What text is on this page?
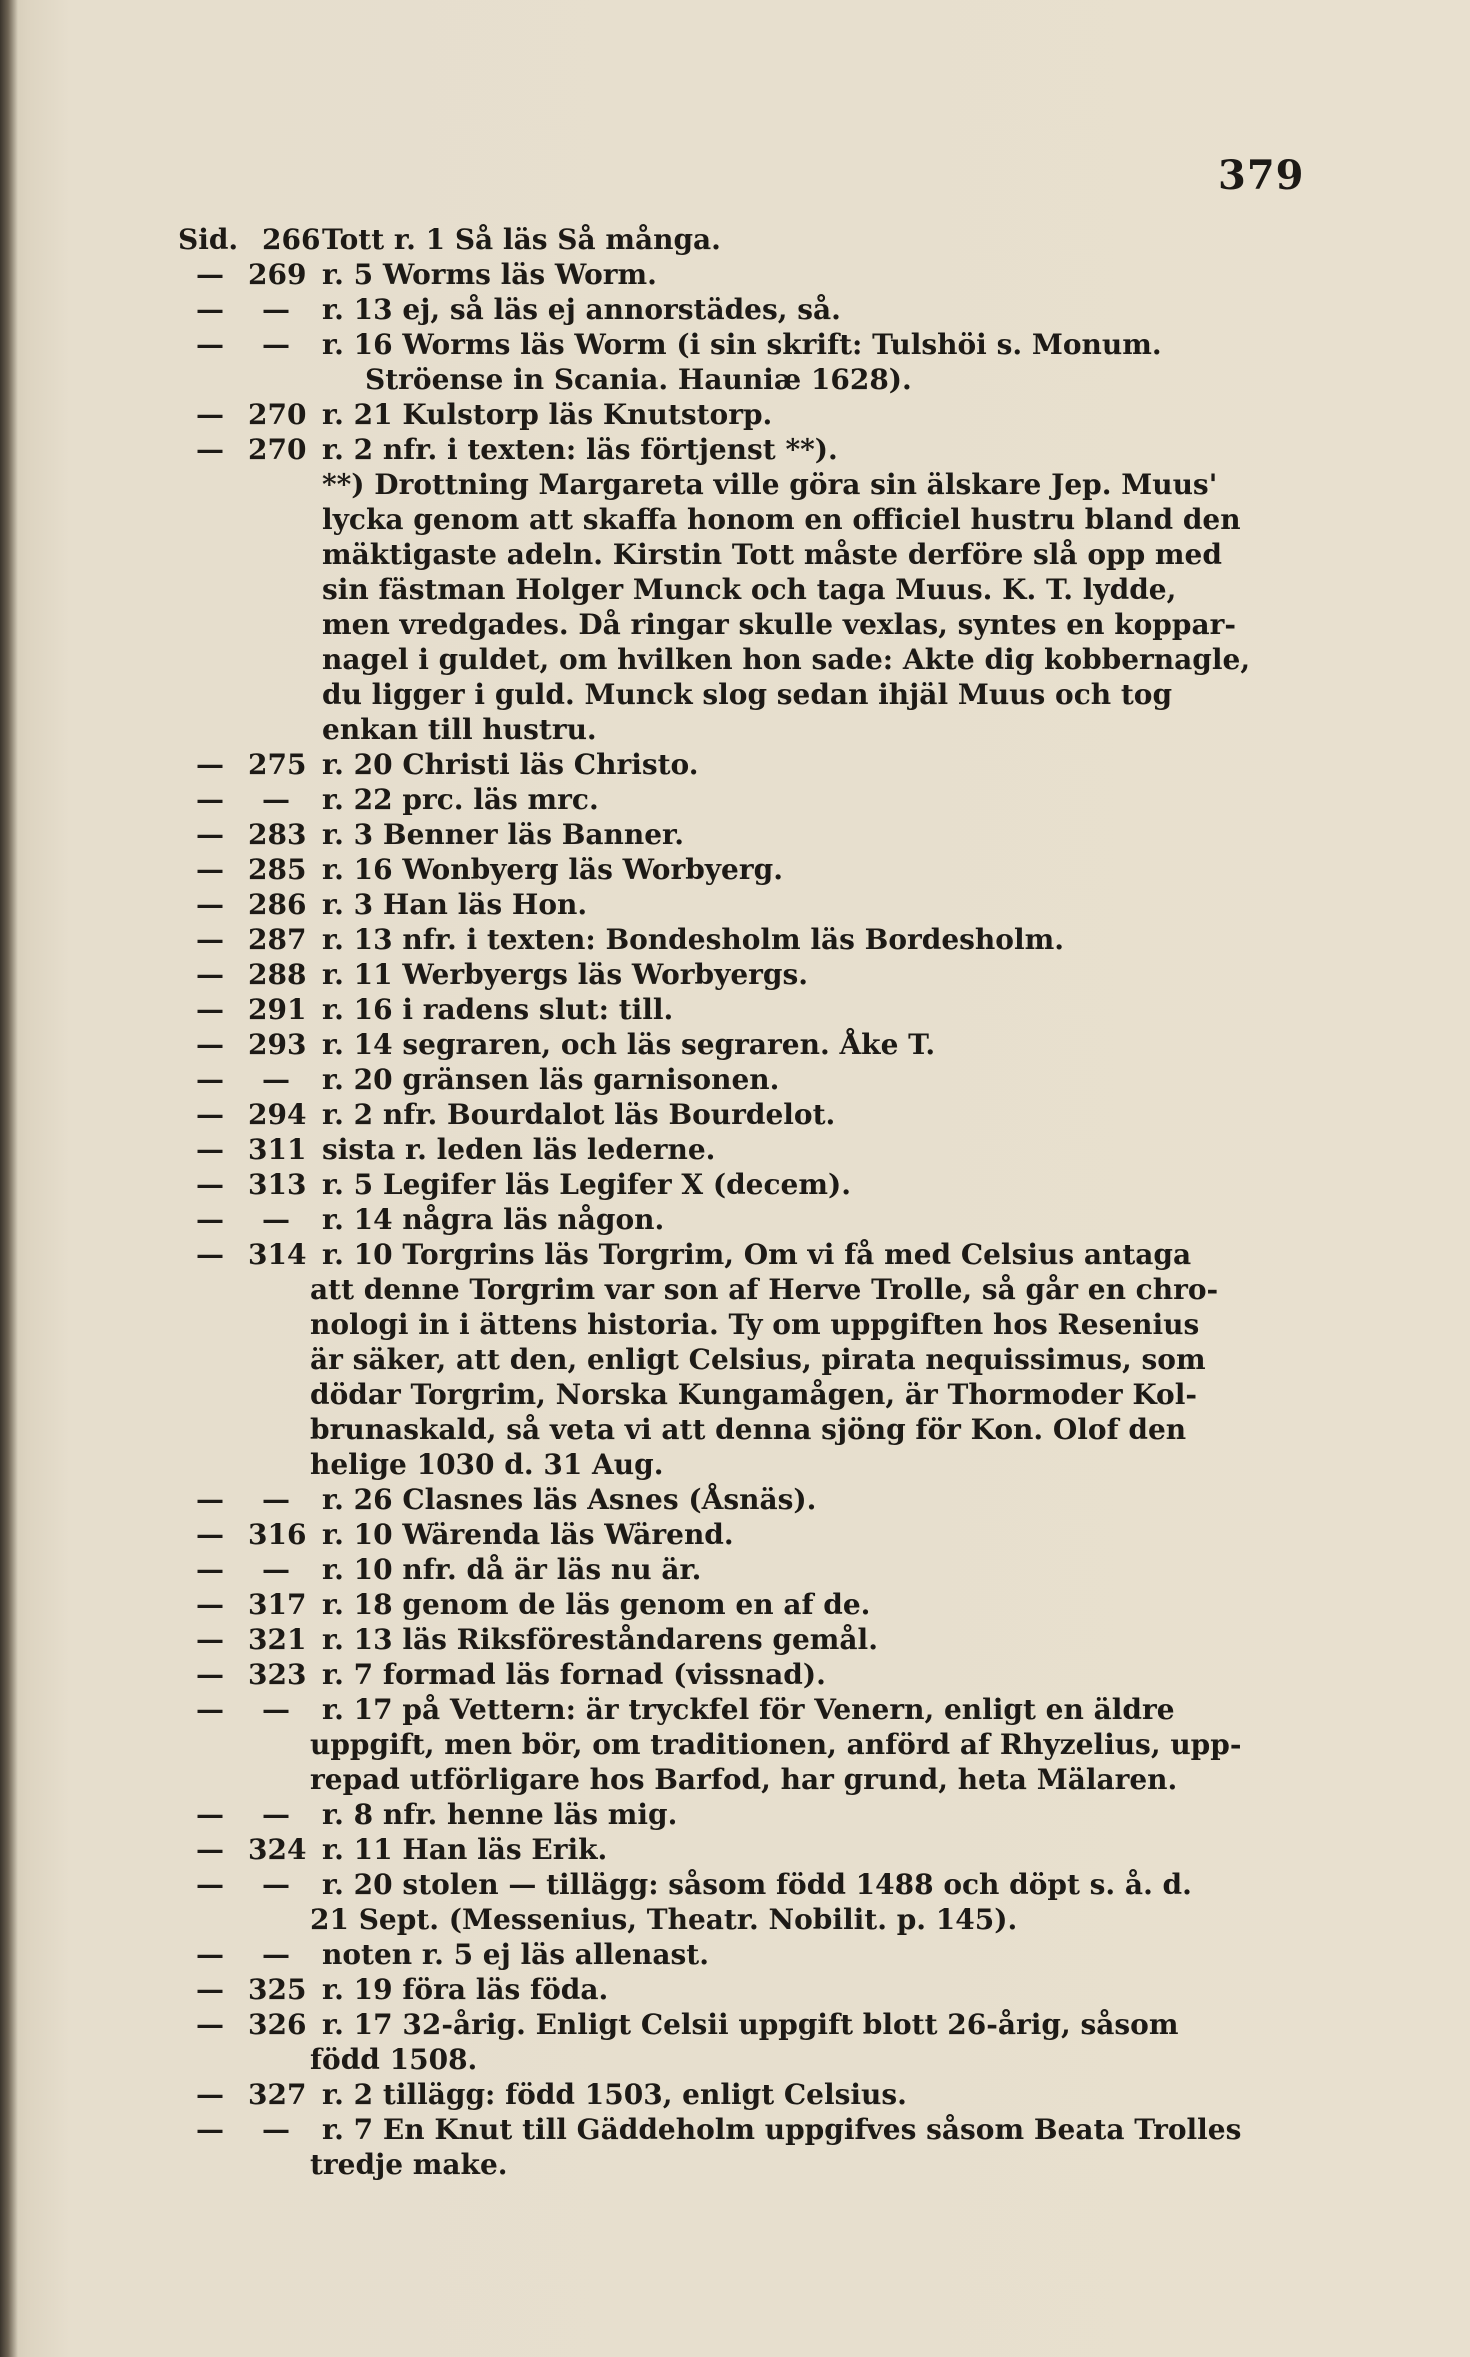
379
Sid. 266 Tott r. 1 Så läs Så många.
— 269 r. 5 Worms läs Worm.
— — r. 13 ej, så läs ej annorstädes, så.
— — r. 16 Worms läs Worm (i sin skrift: Tulshöi s. Monum.
Ströense in Scania. Hauniæ 1628).
— 270 r. 21 Kulstorp läs Knutstorp.
— 270 r. 2 nfr. i texten: läs förtjenst **).
**) Drottning Margareta ville göra sin älskare Jep. Muus'
lycka genom att skaffa honom en officiel hustru bland den
mäktigaste adeln. Kirstin Tott måste derföre slå opp med
sin fästman Holger Munck och taga Muus. K. T. lydde,
men vredgades. Då ringar skulle vexlas, syntes en koppar-
nagel i guldet, om hvilken hon sade: Akte dig kobbernagle,
du ligger i guld. Munck slog sedan ihjäl Muus och tog
enkan till hustru.
— 275 r. 20 Christi läs Christo.
— — r. 22 prc. läs mrc.
— 283 r. 3 Benner läs Banner.
— 285 r. 16 Wonbyerg läs Worbyerg.
— 286 r. 3 Han läs Hon.
— 287 r. 13 nfr. i texten: Bondesholm läs Bordesholm.
— 288 r. 11 Werbyergs läs Worbyergs.
— 291 r. 16 i radens slut: till.
— 293 r. 14 segraren, och läs segraren. Åke T.
— — r. 20 gränsen läs garnisonen.
— 294 r. 2 nfr. Bourdalot läs Bourdelot.
— 311 sista r. leden läs lederne.
— 313 r. 5 Legifer läs Legifer X (decem).
— — r. 14 några läs någon.
— 314 r. 10 Torgrins läs Torgrim, Om vi få med Celsius antaga
att denne Torgrim var son af Herve Trolle, så går en chro-
nologi in i ättens historia. Ty om uppgiften hos Resenius
är säker, att den, enligt Celsius, pirata nequissimus, som
dödar Torgrim, Norska Kungamågen, är Thormoder Kol-
brunaskald, så veta vi att denna sjöng för Kon. Olof den
helige 1030 d. 31 Aug.
— — r. 26 Clasnes läs Asnes (Åsnäs).
— 316 r. 10 Wärenda läs Wärend.
— — r. 10 nfr. då är läs nu är.
— 317 r. 18 genom de läs genom en af de.
— 321 r. 13 läs Riksföreståndarens gemål.
— 323 r. 7 formad läs fornad (vissnad).
— — r. 17 på Vettern: är tryckfel för Venern, enligt en äldre
uppgift, men bör, om traditionen, anförd af Rhyzelius, upp-
repad utförligare hos Barfod, har grund, heta Mälaren.
— — r. 8 nfr. henne läs mig.
— 324 r. 11 Han läs Erik.
— — r. 20 stolen — tillägg: såsom född 1488 och döpt s. å. d.
21 Sept. (Messenius, Theatr. Nobilit. p. 145).
— — noten r. 5 ej läs allenast.
— 325 r. 19 föra läs föda.
— 326 r. 17 32-årig. Enligt Celsii uppgift blott 26-årig, såsom
född 1508.
— 327 r. 2 tillägg: född 1503, enligt Celsius.
— — r. 7 En Knut till Gäddeholm uppgifves såsom Beata Trolles
tredje make.
